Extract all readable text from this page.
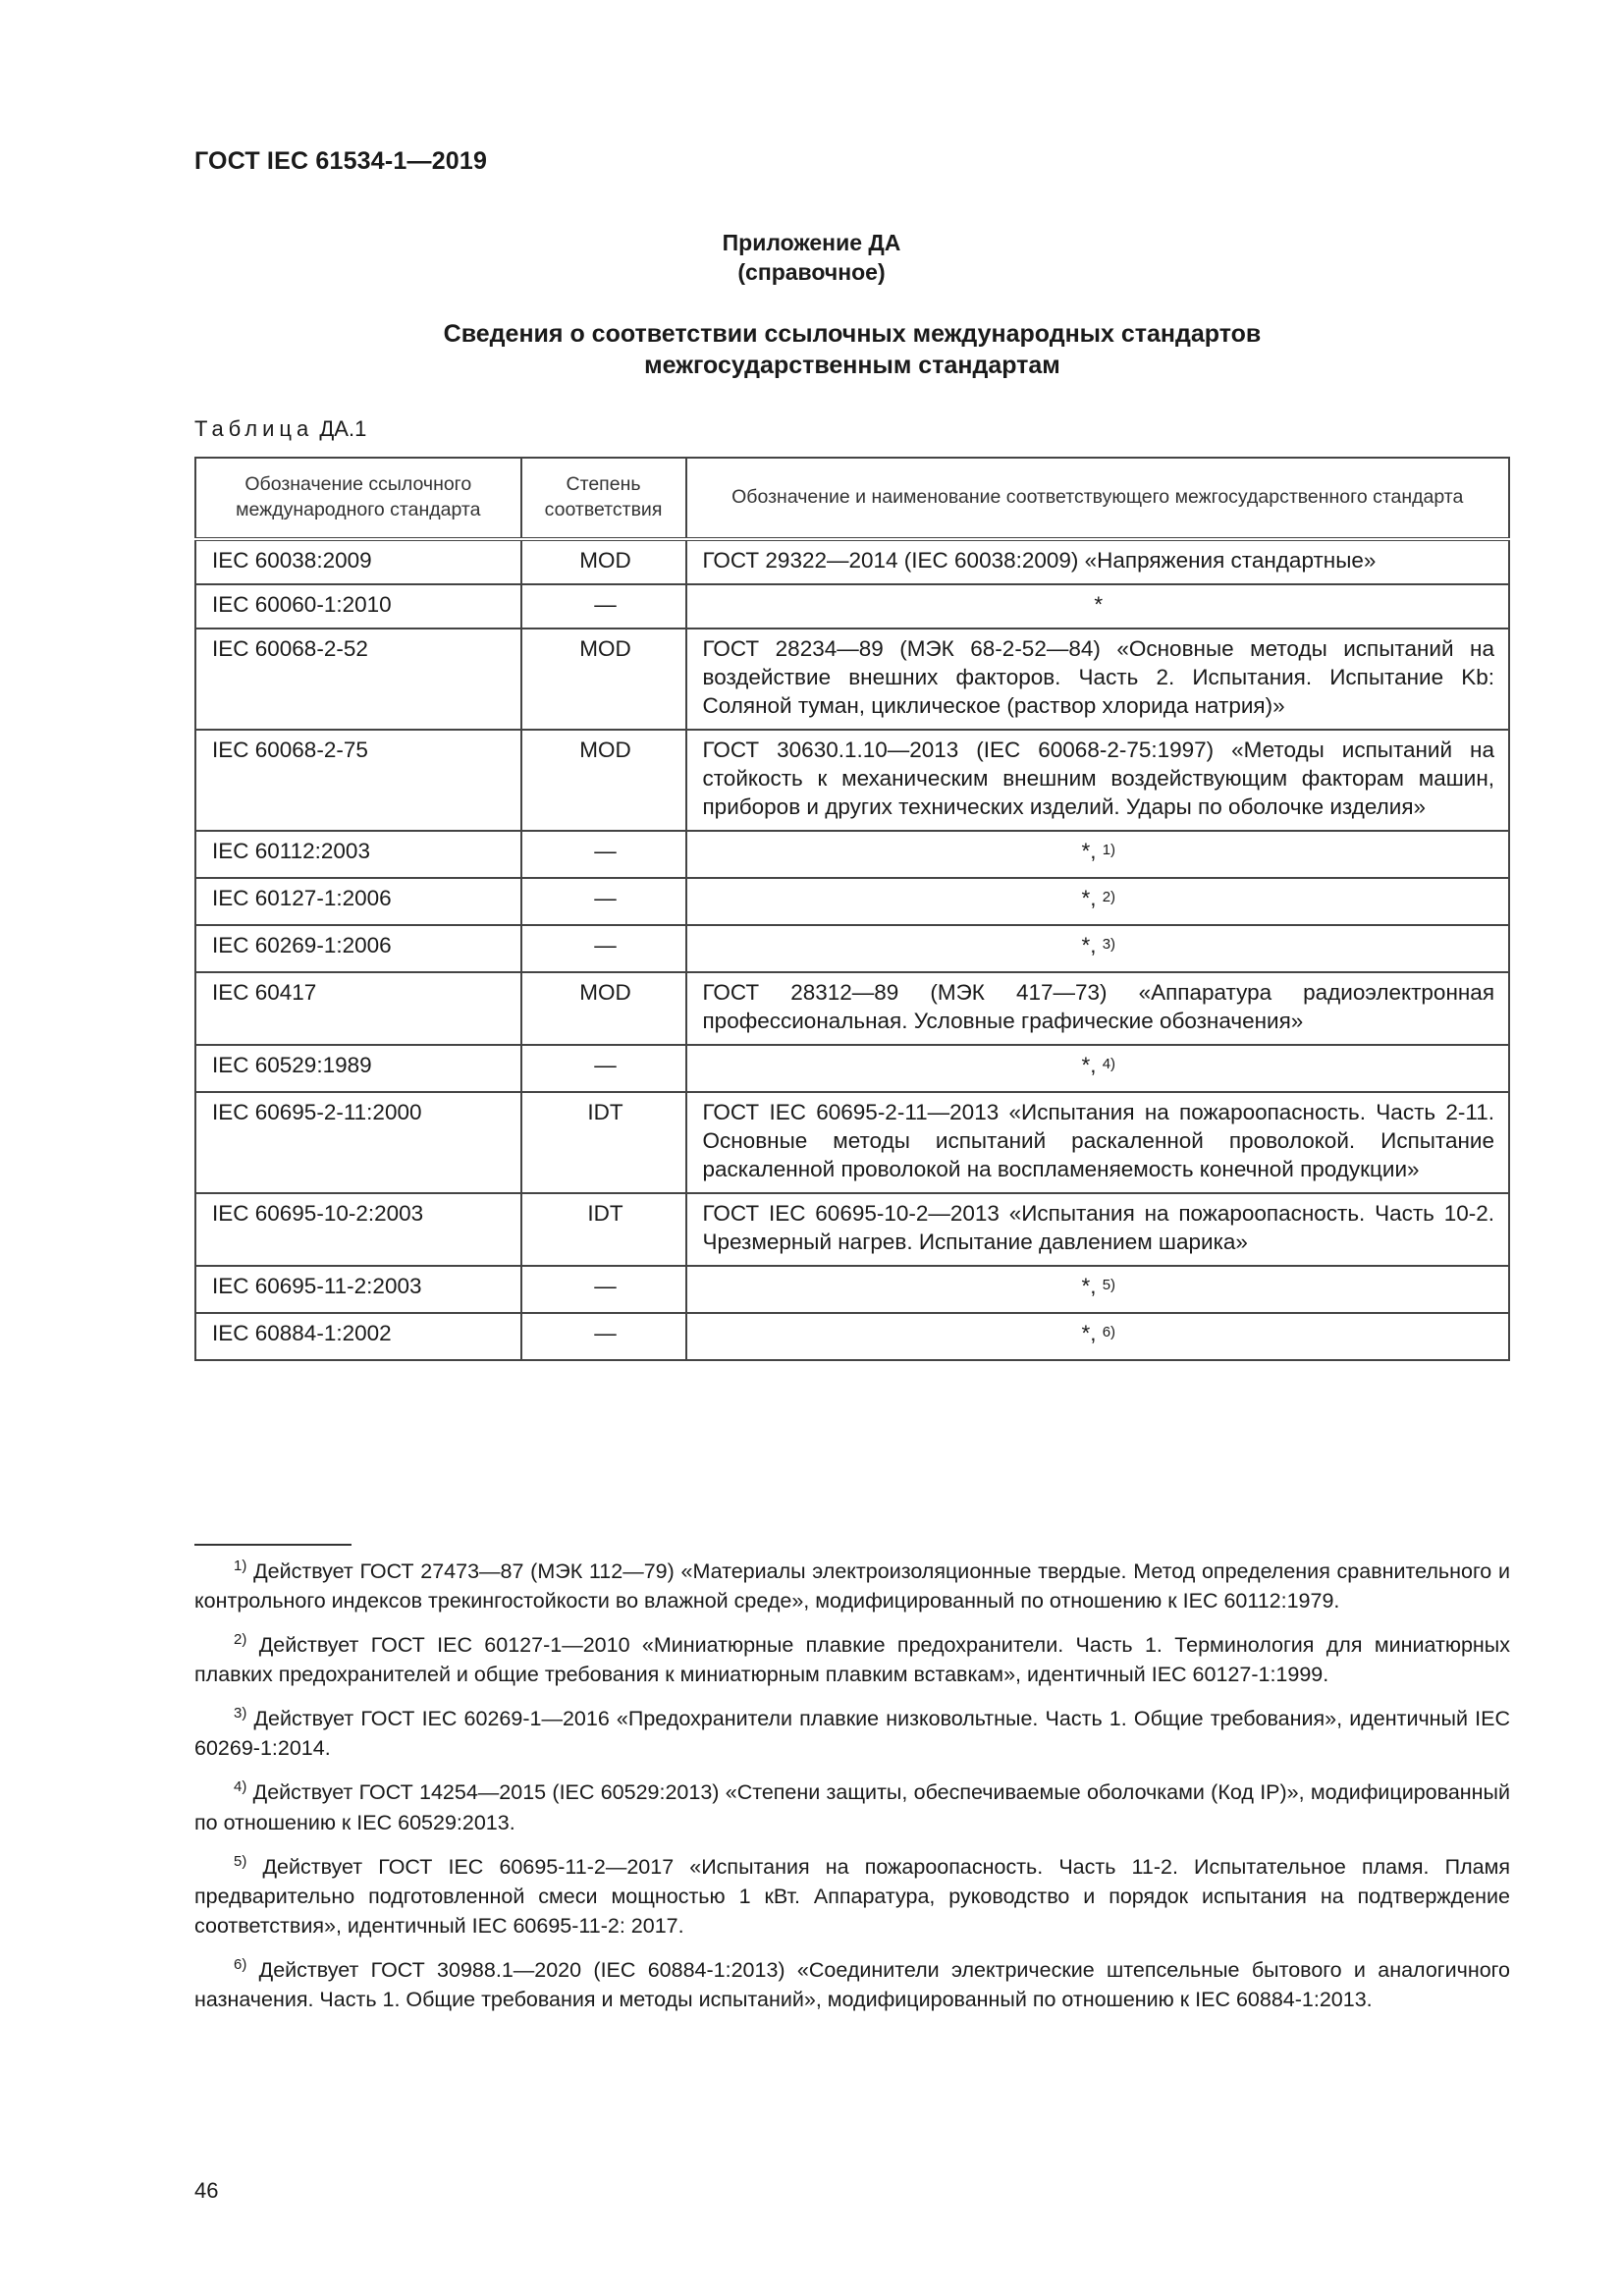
ГОСТ IEC 61534-1—2019
Приложение ДА
(справочное)
Сведения о соответствии ссылочных международных стандартов
межгосударственным стандартам
Таблица ДА.1
Обозначение ссылочного международного стандарта	Степень соответствия	Обозначение и наименование соответствующего межгосударственного стандарта
IEC 60038:2009	MOD	ГОСТ 29322—2014 (IEC 60038:2009) «Напряжения стандартные»
IEC 60060-1:2010	—	*
IEC 60068-2-52	MOD	ГОСТ 28234—89 (МЭК 68-2-52—84) «Основные методы испытаний на воздействие внешних факторов. Часть 2. Испытания. Испытание Kb: Соляной туман, циклическое (раствор хлорида натрия)»
IEC 60068-2-75	MOD	ГОСТ 30630.1.10—2013 (IEC 60068-2-75:1997) «Методы испытаний на стойкость к механическим внешним воздействующим факторам машин, приборов и других технических изделий. Удары по оболочке изделия»
IEC 60112:2003	—	*, $^{1)}$
IEC 60127-1:2006	—	*, $^{2)}$
IEC 60269-1:2006	—	*, $^{3)}$
IEC 60417	MOD	ГОСТ 28312—89 (МЭК 417—73) «Аппаратура радиоэлектронная профессиональная. Условные графические обозначения»
IEC 60529:1989	—	*, $^{4)}$
IEC 60695-2-11:2000	IDT	ГОСТ IEC 60695-2-11—2013 «Испытания на пожароопасность. Часть 2-11. Основные методы испытаний раскаленной проволокой. Испытание раскаленной проволокой на воспламеняемость конечной продукции»
IEC 60695-10-2:2003	IDT	ГОСТ IEC 60695-10-2—2013 «Испытания на пожароопасность. Часть 10-2. Чрезмерный нагрев. Испытание давлением шарика»
IEC 60695-11-2:2003	—	*, $^{5)}$
IEC 60884-1:2002	—	*, $^{6)}$

$^{1)}$ Действует ГОСТ 27473—87 (МЭК 112—79) «Материалы электроизоляционные твердые. Метод определения сравнительного и контрольного индексов трекингостойкости во влажной среде», модифицированный по отношению к IEC 60112:1979.

$^{2)}$ Действует ГОСТ IEC 60127-1—2010 «Миниатюрные плавкие предохранители. Часть 1. Терминология для миниатюрных плавких предохранителей и общие требования к миниатюрным плавким вставкам», идентичный IEC 60127-1:1999.

$^{3)}$ Действует ГОСТ IEC 60269-1—2016 «Предохранители плавкие низковольтные. Часть 1. Общие требования», идентичный IEC 60269-1:2014.

$^{4)}$ Действует ГОСТ 14254—2015 (IEC 60529:2013) «Степени защиты, обеспечиваемые оболочками (Код IP)», модифицированный по отношению к IEC 60529:2013.

$^{5)}$ Действует ГОСТ IEC 60695-11-2—2017 «Испытания на пожароопасность. Часть 11-2. Испытательное пламя. Пламя предварительно подготовленной смеси мощностью 1 кВт. Аппаратура, руководство и порядок испытания на подтверждение соответствия», идентичный IEC 60695-11-2: 2017.

$^{6)}$ Действует ГОСТ 30988.1—2020 (IEC 60884-1:2013) «Соединители электрические штепсельные бытового и аналогичного назначения. Часть 1. Общие требования и методы испытаний», модифицированный по отношению к IEC 60884-1:2013.

46
